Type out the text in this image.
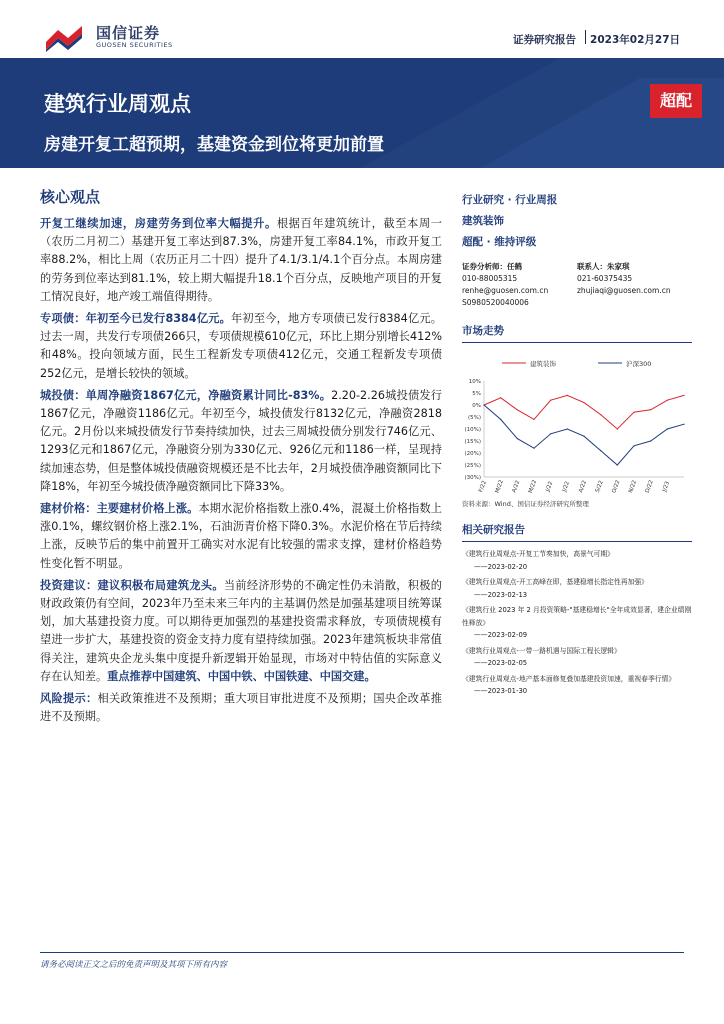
国信证券
GUOSEN SECURITIES	证券研究报告 2023年02月27日
建筑行业周观点
房建开复工超预期，基建资金到位将更加前置
超配
核心观点

开复工继续加速，房建劳务到位率大幅提升。根据百年建筑统计，截至本周一（农历二月初二）基建开复工率达到87.3%，房建开复工率84.1%，市政开复工率88.2%，相比上周（农历正月二十四）提升了4.1/3.1/4.1个百分点。本周房建的劳务到位率达到81.1%，较上期大幅提升18.1个百分点，反映地产项目的开复工情况良好，地产竣工端值得期待。

专项债：年初至今已发行8384亿元。年初至今，地方专项债已发行8384亿元。过去一周，共发行专项债266只，专项债规模610亿元，环比上期分别增长412%和48%。投向领域方面，民生工程新发专项债412亿元，交通工程新发专项债252亿元，是增长较快的领域。

城投债：单周净融资1867亿元，净融资累计同比-83%。2.20-2.26城投债发行1867亿元，净融资1186亿元。年初至今，城投债发行8132亿元，净融资2818亿元。2月份以来城投债发行节奏持续加快，过去三周城投债分别发行746亿元、1293亿元和1867亿元，净融资分别为330亿元、926亿元和1186一样，呈现持续加速态势，但是整体城投债融资规模还是不比去年，2月城投债净融资额同比下降18%，年初至今城投债净融资额同比下降33%。

建材价格：主要建材价格上涨。本期水泥价格指数上涨0.4%，混凝土价格指数上涨0.1%，螺纹钢价格上涨2.1%，石油沥青价格下降0.3%。水泥价格在节后持续上涨，反映节后的集中前置开工确实对水泥有比较强的需求支撑，建材价格趋势性变化暂不明显。

投资建议：建议积极布局建筑龙头。当前经济形势的不确定性仍未消散，积极的财政政策仍有空间，2023年乃至未来三年内的主基调仍然是加强基建项目统筹谋划，加大基建投资力度。可以期待更加强烈的基建投资需求释放，专项债规模有望进一步扩大，基建投资的资金支持力度有望持续加强。2023年建筑板块非常值得关注，建筑央企龙头集中度提升新逻辑开始显现，市场对中特估值的实际意义存在认知差。重点推荐中国建筑、中国中铁、中国铁建、中国交建。

风险提示：相关政策推进不及预期；重大项目审批进度不及预期；国央企改革推进不及预期。

行业研究 · 行业周报
建筑装饰
超配 · 维持评级
证券分析师：任鹤
010-88005315
renhe@guosen.com.cn
S0980520040006
联系人：朱家琪
021-60375435
zhujiaqi@guosen.com.cn
市场走势
建筑装饰	沪深300
10%
5%
0%
(5%)
(10%)
(15%)
(20%)
(25%)
(30%)
F/22 M/22 A/22 M/22 J/22 J/22 A/22 S/22 O/22 N/22 D/22 J/23
资料来源：Wind、国信证券经济研究所整理
相关研究报告
《建筑行业周观点-开复工节奏加快，高景气可期》
——2023-02-20
《建筑行业周观点-开工高峰在即，基建稳增长指定性再加强》
——2023-02-13
《建筑行业 2023 年 2 月投资策略-"基建稳增长"全年成效显著，建企业绩刚性释放》
——2023-02-09
《建筑行业周观点-一带一路机遇与国际工程长逻辑》
——2023-02-05
《建筑行业周观点-地产基本面修复叠加基建投资加速，重视春季行情》
——2023-01-30
请务必阅读正文之后的免责声明及其项下所有内容
